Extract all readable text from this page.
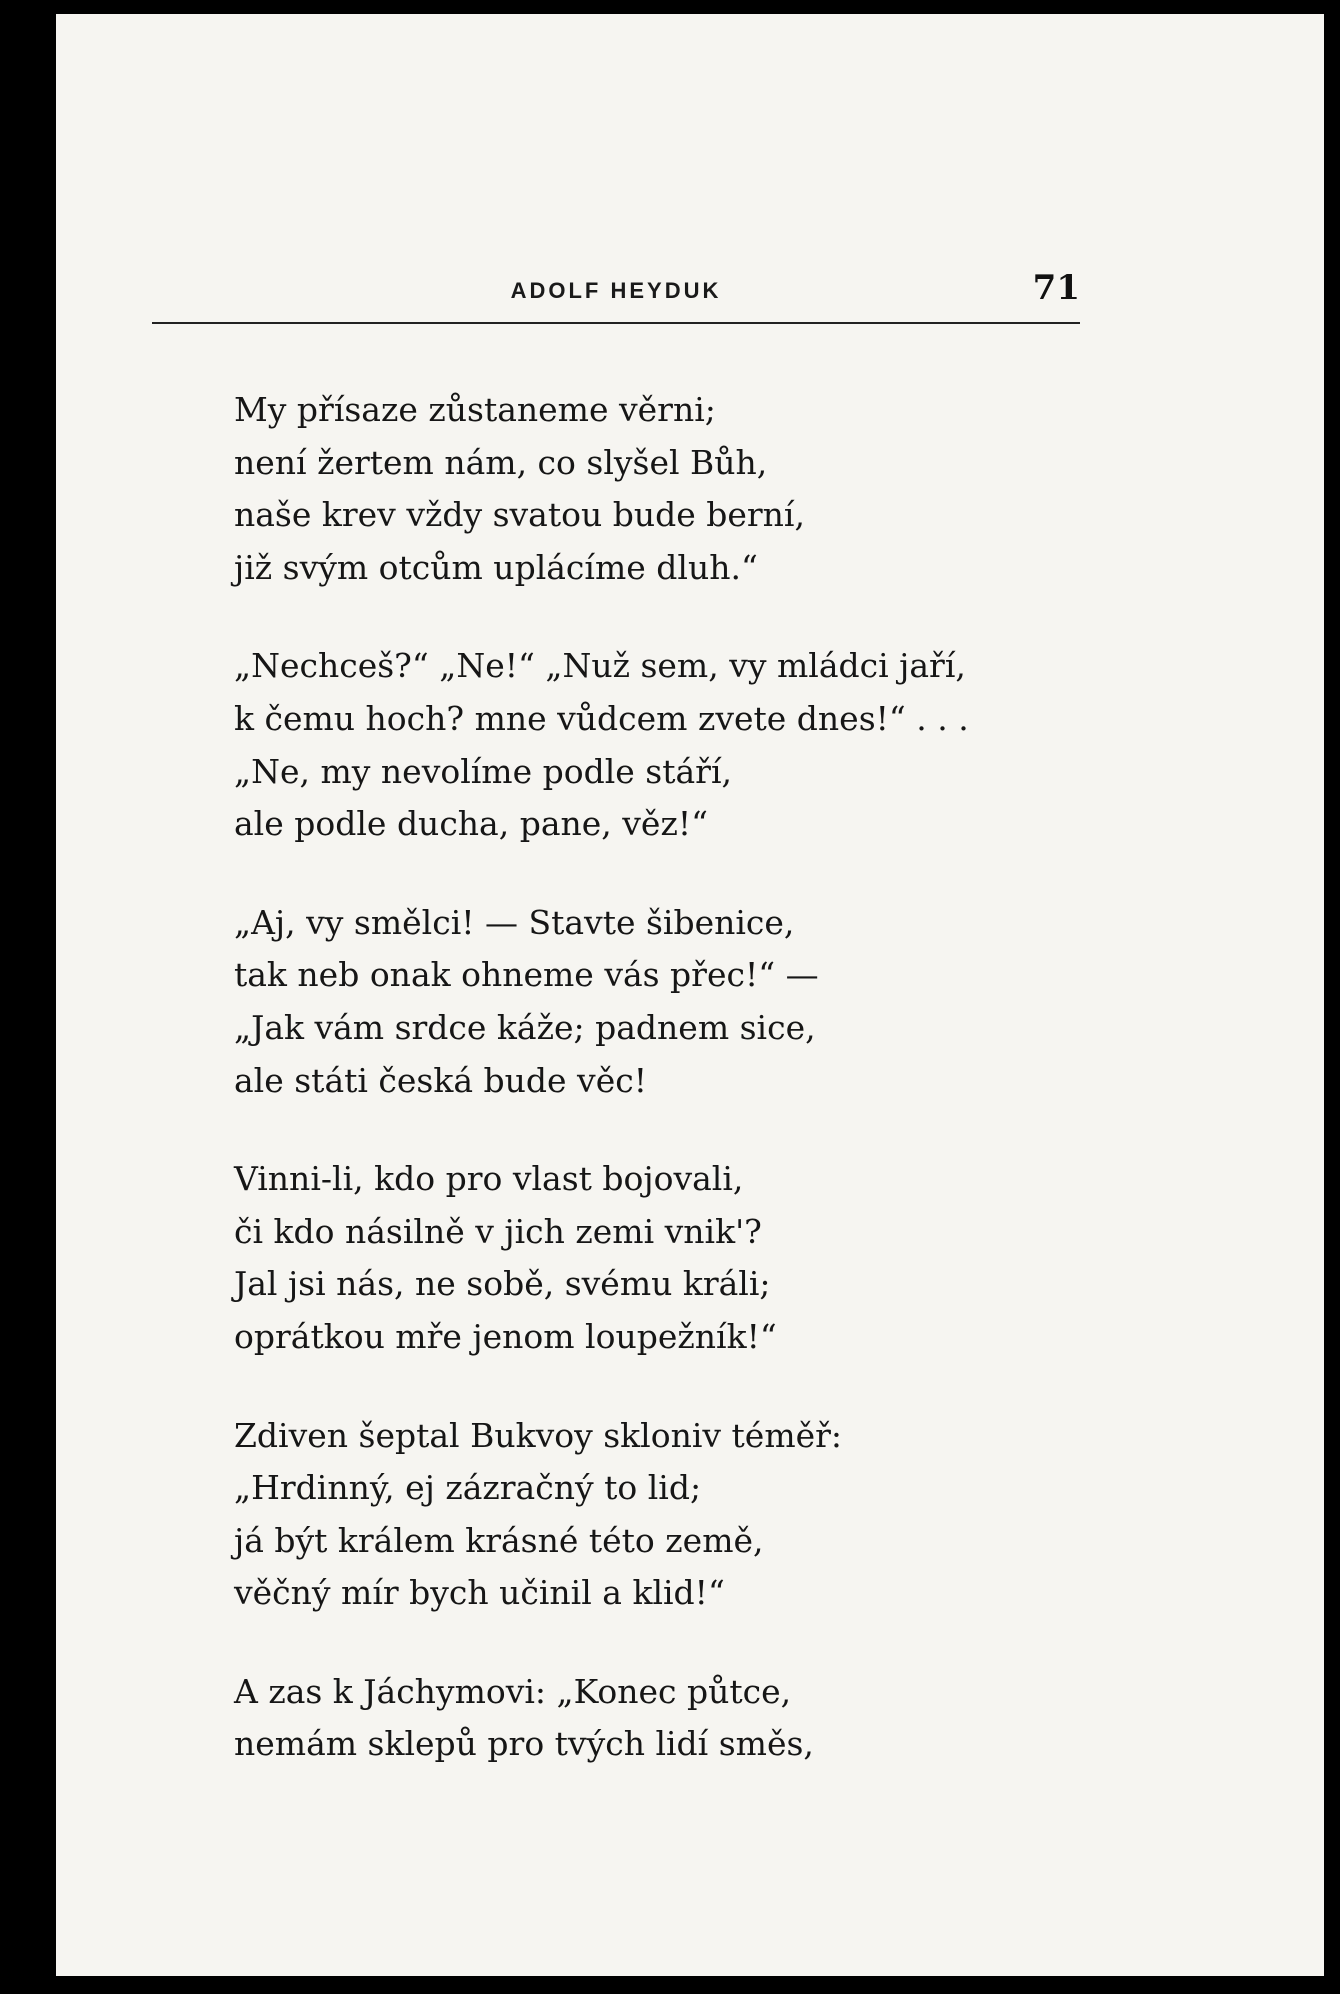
ADOLF HEYDUK	71
My přísaze zůstaneme věrni;
není žertem nám, co slyšel Bůh,
naše krev vždy svatou bude berní,
již svým otcům uplácíme dluh.“
„Nechceš?“ „Ne!“ „Nuž sem, vy mládci jaří,
k čemu hoch? mne vůdcem zvete dnes!“ . . .
„Ne, my nevolíme podle stáří,
ale podle ducha, pane, věz!“
„Aj, vy smělci! — Stavte šibenice,
tak neb onak ohneme vás přec!“ —
„Jak vám srdce káže; padnem sice,
ale státi česká bude věc!
Vinni-li, kdo pro vlast bojovali,
či kdo násilně v jich zemi vnik'?
Jal jsi nás, ne sobě, svému králi;
oprátkou mře jenom loupežník!“
Zdiven šeptal Bukvoy skloniv téměř:
„Hrdinný, ej zázračný to lid;
já být králem krásné této země,
věčný mír bych učinil a klid!“
A zas k Jáchymovi: „Konec půtce,
nemám sklepů pro tvých lidí směs,
